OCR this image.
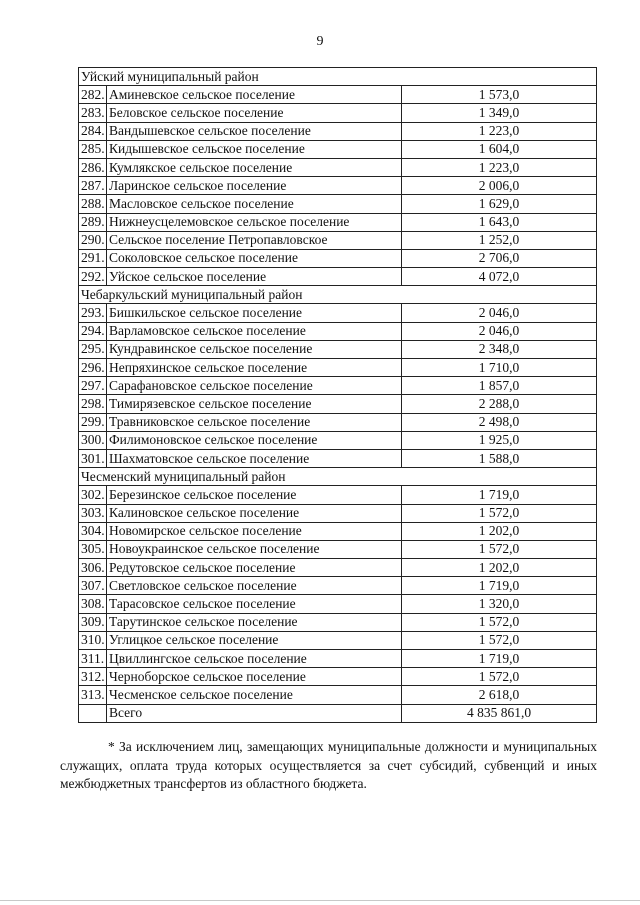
9
Уйский муниципальный район		
282.	Аминевское сельское поселение	1 573,0
283.	Беловское сельское поселение	1 349,0
284.	Вандышевское сельское поселение	1 223,0
285.	Кидышевское сельское поселение	1 604,0
286.	Кумлякское сельское поселение	1 223,0
287.	Ларинское сельское поселение	2 006,0
288.	Масловское сельское поселение	1 629,0
289.	Нижнеусцелемовское сельское поселение	1 643,0
290.	Сельское поселение Петропавловское	1 252,0
291.	Соколовское сельское поселение	2 706,0
292.	Уйское сельское поселение	4 072,0
Чебаркульский муниципальный район		
293.	Бишкильское сельское поселение	2 046,0
294.	Варламовское сельское поселение	2 046,0
295.	Кундравинское сельское поселение	2 348,0
296.	Непряхинское сельское поселение	1 710,0
297.	Сарафановское сельское поселение	1 857,0
298.	Тимирязевское сельское поселение	2 288,0
299.	Травниковское сельское поселение	2 498,0
300.	Филимоновское сельское поселение	1 925,0
301.	Шахматовское сельское поселение	1 588,0
Чесменский муниципальный район		
302.	Березинское сельское поселение	1 719,0
303.	Калиновское сельское поселение	1 572,0
304.	Новомирское сельское поселение	1 202,0
305.	Новоукраинское сельское поселение	1 572,0
306.	Редутовское сельское поселение	1 202,0
307.	Светловское сельское поселение	1 719,0
308.	Тарасовское сельское поселение	1 320,0
309.	Тарутинское сельское поселение	1 572,0
310.	Углицкое сельское поселение	1 572,0
311.	Цвиллингское сельское поселение	1 719,0
312.	Черноборское сельское поселение	1 572,0
313.	Чесменское сельское поселение	2 618,0
	Всего	4 835 861,0
* За исключением лиц, замещающих муниципальные должности и муниципальных служащих, оплата труда которых осуществляется за счет субсидий, субвенций и иных межбюджетных трансфертов из областного бюджета.
